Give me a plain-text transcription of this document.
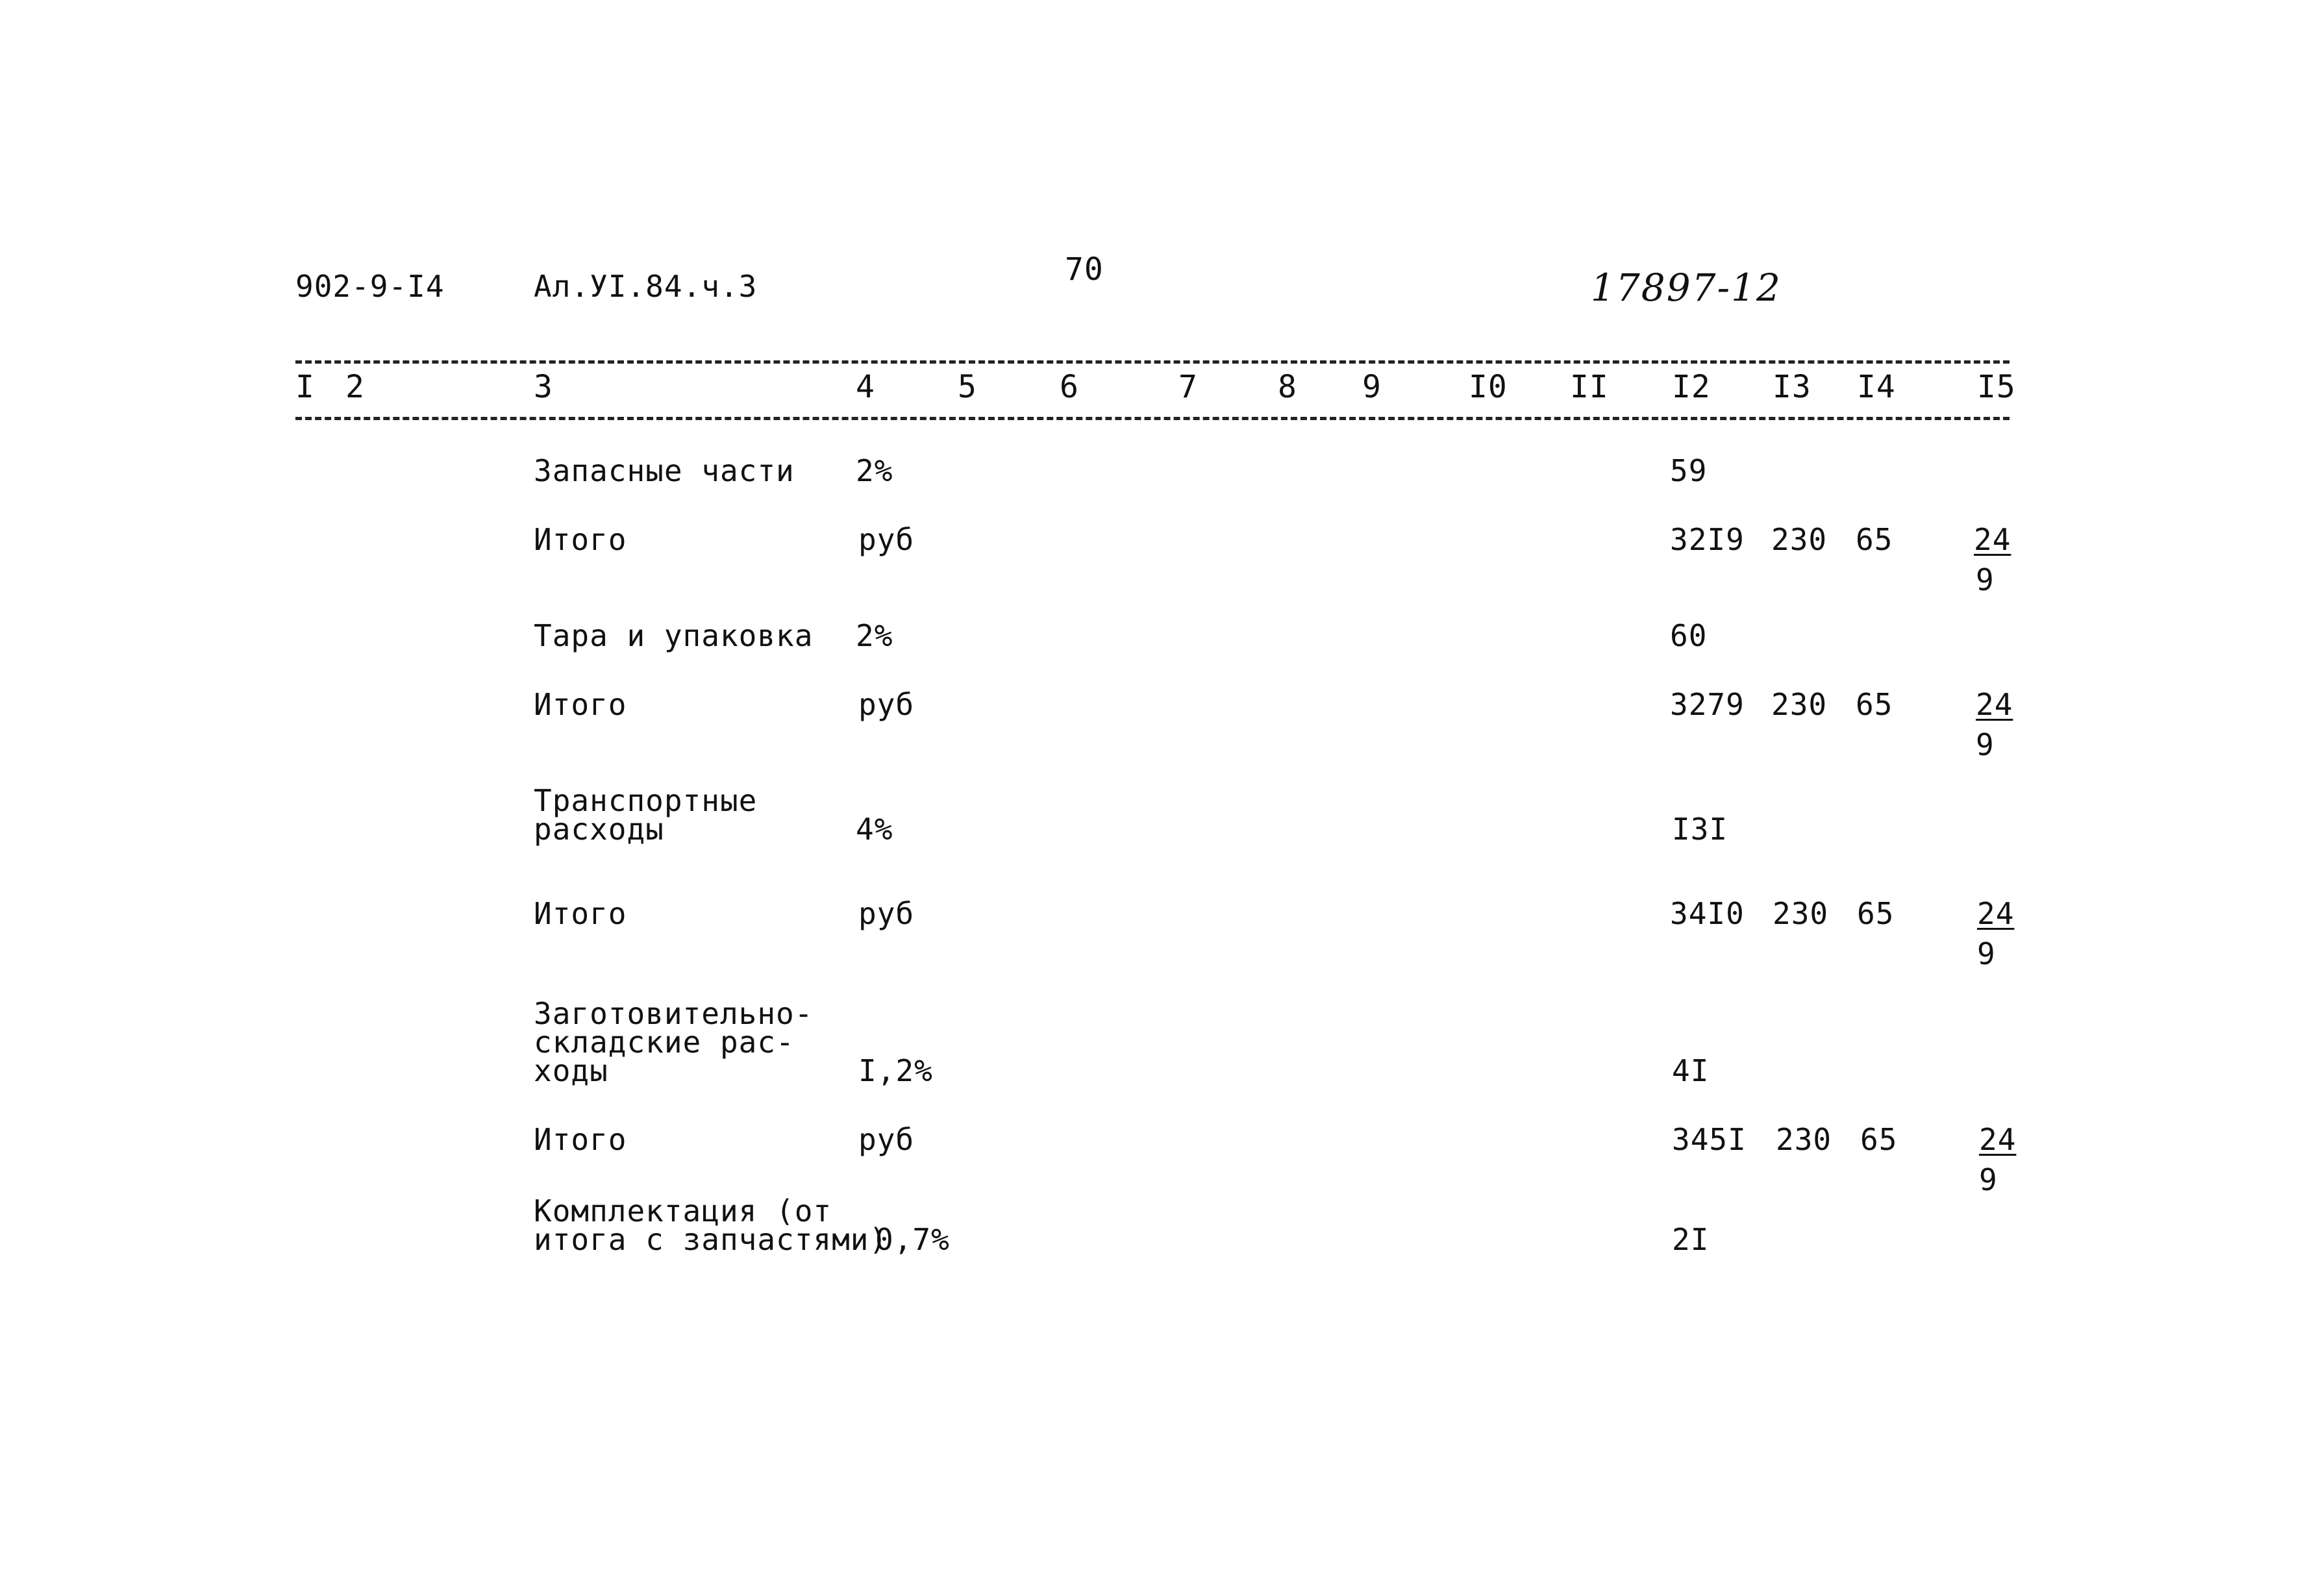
902-9-I4	Ал.УI.84.ч.3	70	17897-12
I 2	3	4	5	6	7	8 9	I0 II I2 I3 I4	I5
Запасные части 2%	59
Итого	руб	32I9 230 65	24
9
Тара и упаковка 2%	60
Итого	руб	3279 230 65	24
9
Транспортные
расходы	4%	I3I
Итого	руб	34I0 230 65	24
9
Заготовительно-
складские рас-
ходы	I,2%	4I
Итого	руб	345I 230 65	24
9
Комплектация (от
итога с запчастями)
0,7%	2I
